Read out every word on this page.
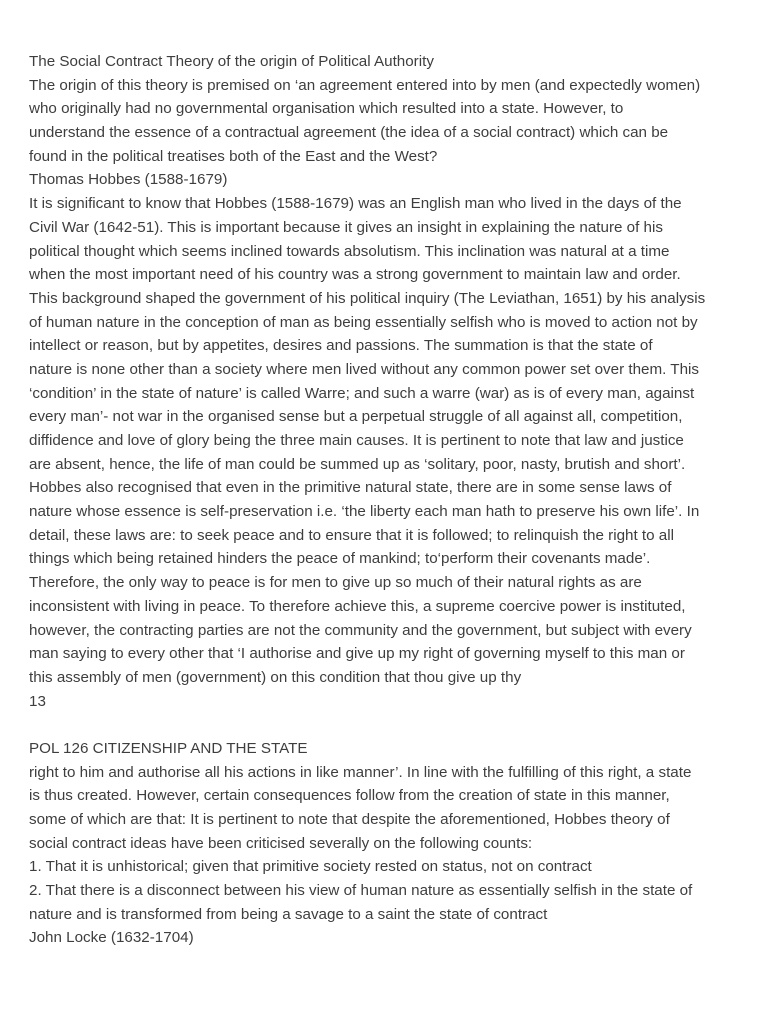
The Social Contract Theory of the origin of Political Authority
The origin of this theory is premised on ‘an agreement entered into by men (and expectedly women)
who originally had no governmental organisation which resulted into a state. However, to
understand the essence of a contractual agreement (the idea of a social contract) which can be
found in the political treatises both of the East and the West?
Thomas Hobbes (1588-1679)
It is significant to know that Hobbes (1588-1679) was an English man who lived in the days of the
Civil War (1642-51). This is important because it gives an insight in explaining the nature of his
political thought which seems inclined towards absolutism. This inclination was natural at a time
when the most important need of his country was a strong government to maintain law and order.
This background shaped the government of his political inquiry (The Leviathan, 1651) by his analysis
of human nature in the conception of man as being essentially selfish who is moved to action not by
intellect or reason, but by appetites, desires and passions. The summation is that the state of
nature is none other than a society where men lived without any common power set over them. This
‘condition’ in the state of nature’ is called Warre; and such a warre (war) as is of every man, against
every man’- not war in the organised sense but a perpetual struggle of all against all, competition,
diffidence and love of glory being the three main causes. It is pertinent to note that law and justice
are absent, hence, the life of man could be summed up as ‘solitary, poor, nasty, brutish and short’.
Hobbes also recognised that even in the primitive natural state, there are in some sense laws of
nature whose essence is self-preservation i.e. ‘the liberty each man hath to preserve his own life’. In
detail, these laws are: to seek peace and to ensure that it is followed; to relinquish the right to all
things which being retained hinders the peace of mankind; to‘perform their covenants made’.
Therefore, the only way to peace is for men to give up so much of their natural rights as are
inconsistent with living in peace. To therefore achieve this, a supreme coercive power is instituted,
however, the contracting parties are not the community and the government, but subject with every
man saying to every other that ‘I authorise and give up my right of governing myself to this man or
this assembly of men (government) on this condition that thou give up thy
13
POL 126 CITIZENSHIP AND THE STATE
right to him and authorise all his actions in like manner’. In line with the fulfilling of this right, a state
is thus created. However, certain consequences follow from the creation of state in this manner,
some of which are that: It is pertinent to note that despite the aforementioned, Hobbes theory of
social contract ideas have been criticised severally on the following counts:
1. That it is unhistorical; given that primitive society rested on status, not on contract
2. That there is a disconnect between his view of human nature as essentially selfish in the state of
nature and is transformed from being a savage to a saint the state of contract
John Locke (1632-1704)
